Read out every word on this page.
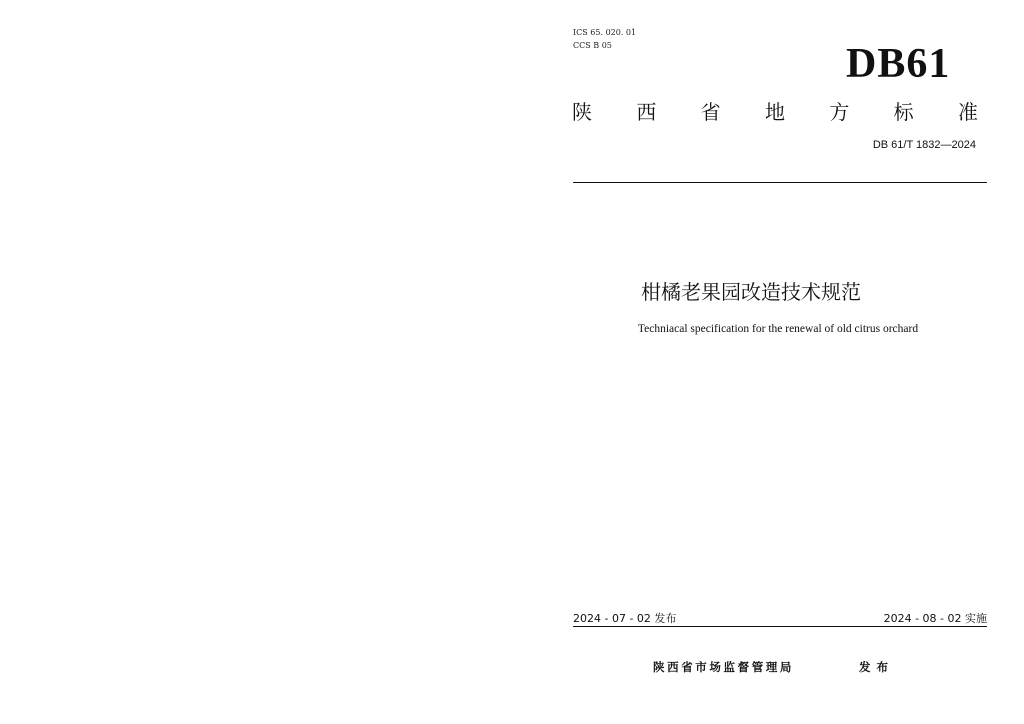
ICS 65. 020. 01
CCS B 05	DB61
陕 西 省 地 方 标 准
DB 61/T 1832—2024
柑橘老果园改造技术规范
Techniacal specification for the renewal of old citrus orchard
2024 - 07 - 02 发布	2024 - 08 - 02 实施
陕西省市场监督管理局	发布
